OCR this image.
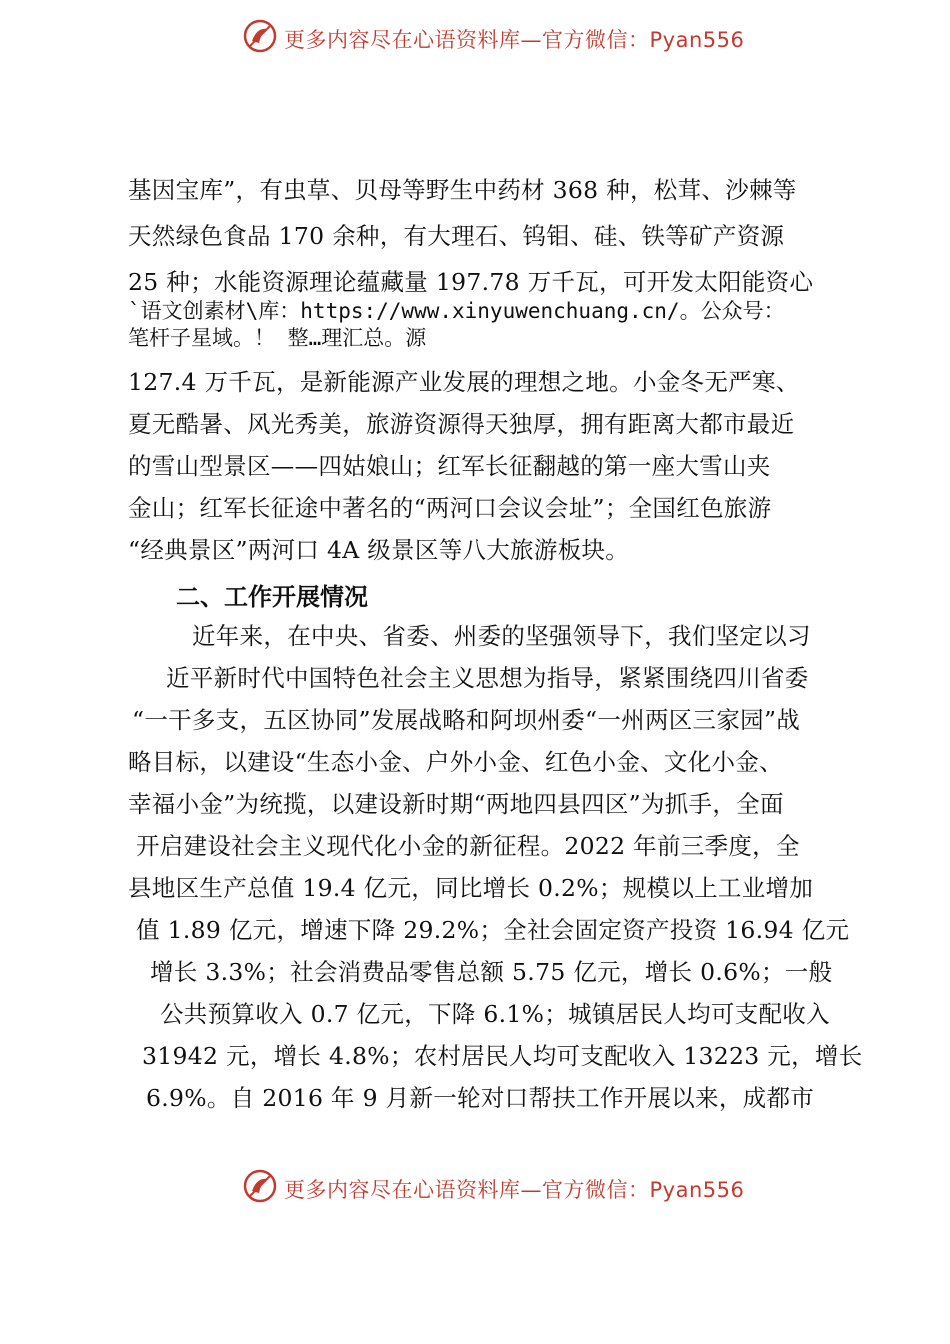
更多内容尽在心语资料库—官方微信：Pyan556
基因宝库”，有虫草、贝母等野生中药材 368 种，松茸、沙棘等
天然绿色食品 170 余种，有大理石、钨钼、硅、铁等矿产资源
25 种；水能资源理论蕴藏量 197.78 万千瓦，可开发太阳能资心
`语文创素材\库：https://www.xinyuwenchuang.cn/。公众号：
笔杆子星域。！ 整…理汇总。源
127.4 万千瓦，是新能源产业发展的理想之地。小金冬无严寒、
夏无酷暑、风光秀美，旅游资源得天独厚，拥有距离大都市最近
的雪山型景区——四姑娘山；红军长征翻越的第一座大雪山夹
金山；红军长征途中著名的“两河口会议会址”；全国红色旅游
“经典景区”两河口 4A 级景区等八大旅游板块。
二、工作开展情况
近年来，在中央、省委、州委的坚强领导下，我们坚定以习
近平新时代中国特色社会主义思想为指导，紧紧围绕四川省委
“一干多支，五区协同”发展战略和阿坝州委“一州两区三家园”战
略目标，以建设“生态小金、户外小金、红色小金、文化小金、
幸福小金”为统揽，以建设新时期“两地四县四区”为抓手，全面
开启建设社会主义现代化小金的新征程。2022 年前三季度，全
县地区生产总值 19.4 亿元，同比增长 0.2%；规模以上工业增加
值 1.89 亿元，增速下降 29.2%；全社会固定资产投资 16.94 亿元
增长 3.3%；社会消费品零售总额 5.75 亿元，增长 0.6%；一般
公共预算收入 0.7 亿元，下降 6.1%；城镇居民人均可支配收入
31942 元，增长 4.8%；农村居民人均可支配收入 13223 元，增长
6.9%。自 2016 年 9 月新一轮对口帮扶工作开展以来，成都市
更多内容尽在心语资料库—官方微信：Pyan556
